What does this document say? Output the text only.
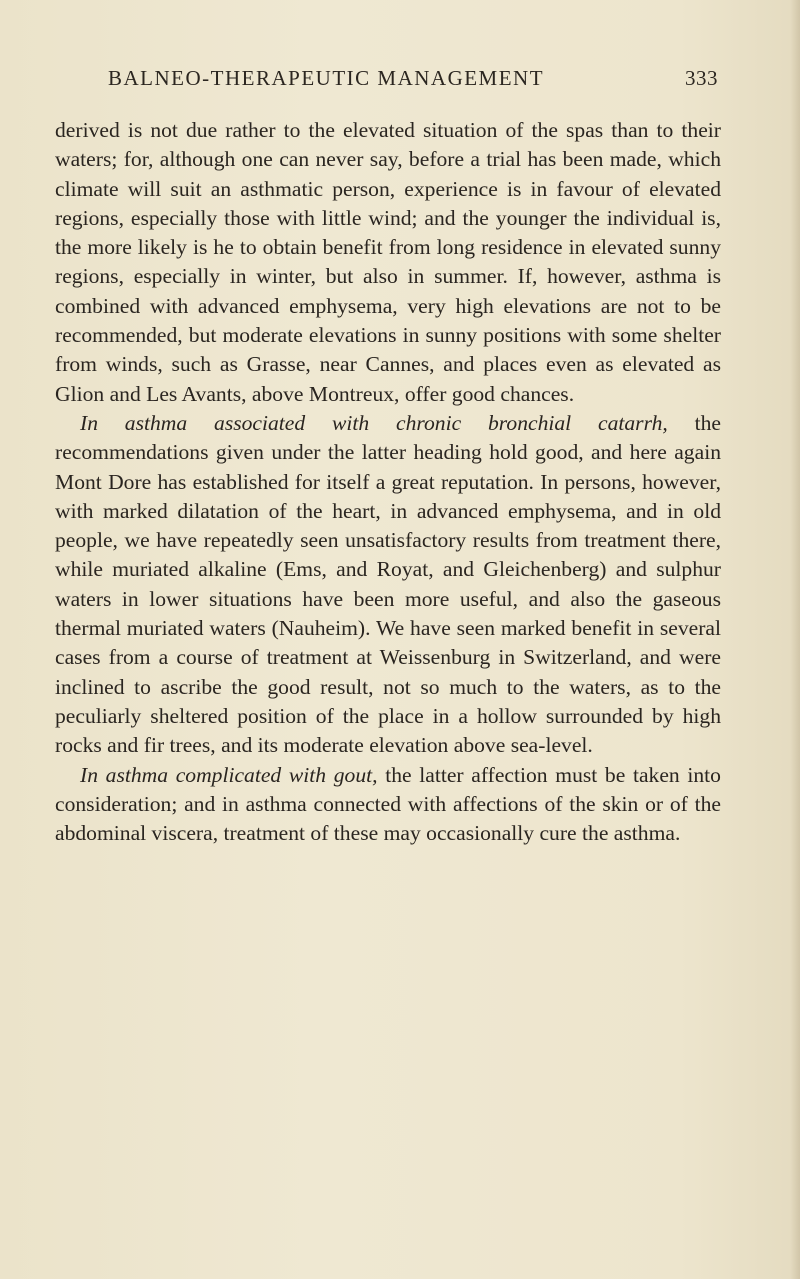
BALNEO-THERAPEUTIC MANAGEMENT	333

derived is not due rather to the elevated situation of the spas than to their waters; for, although one can never say, before a trial has been made, which climate will suit an asthmatic person, experience is in favour of elevated regions, especially those with little wind; and the younger the individual is, the more likely is he to obtain benefit from long residence in elevated sunny regions, especially in winter, but also in summer. If, however, asthma is combined with advanced emphysema, very high elevations are not to be recommended, but moderate elevations in sunny positions with some shelter from winds, such as Grasse, near Cannes, and places even as elevated as Glion and Les Avants, above Montreux, offer good chances.

In asthma associated with chronic bronchial catarrh, the recommendations given under the latter heading hold good, and here again Mont Dore has established for itself a great reputation. In persons, however, with marked dilatation of the heart, in advanced emphysema, and in old people, we have repeatedly seen unsatisfactory results from treatment there, while muriated alkaline (Ems, and Royat, and Gleichenberg) and sulphur waters in lower situations have been more useful, and also the gaseous thermal muriated waters (Nauheim). We have seen marked benefit in several cases from a course of treatment at Weissenburg in Switzerland, and were inclined to ascribe the good result, not so much to the waters, as to the peculiarly sheltered position of the place in a hollow surrounded by high rocks and fir trees, and its moderate elevation above sea-level.

In asthma complicated with gout, the latter affection must be taken into consideration; and in asthma connected with affections of the skin or of the abdominal viscera, treatment of these may occasionally cure the asthma.
